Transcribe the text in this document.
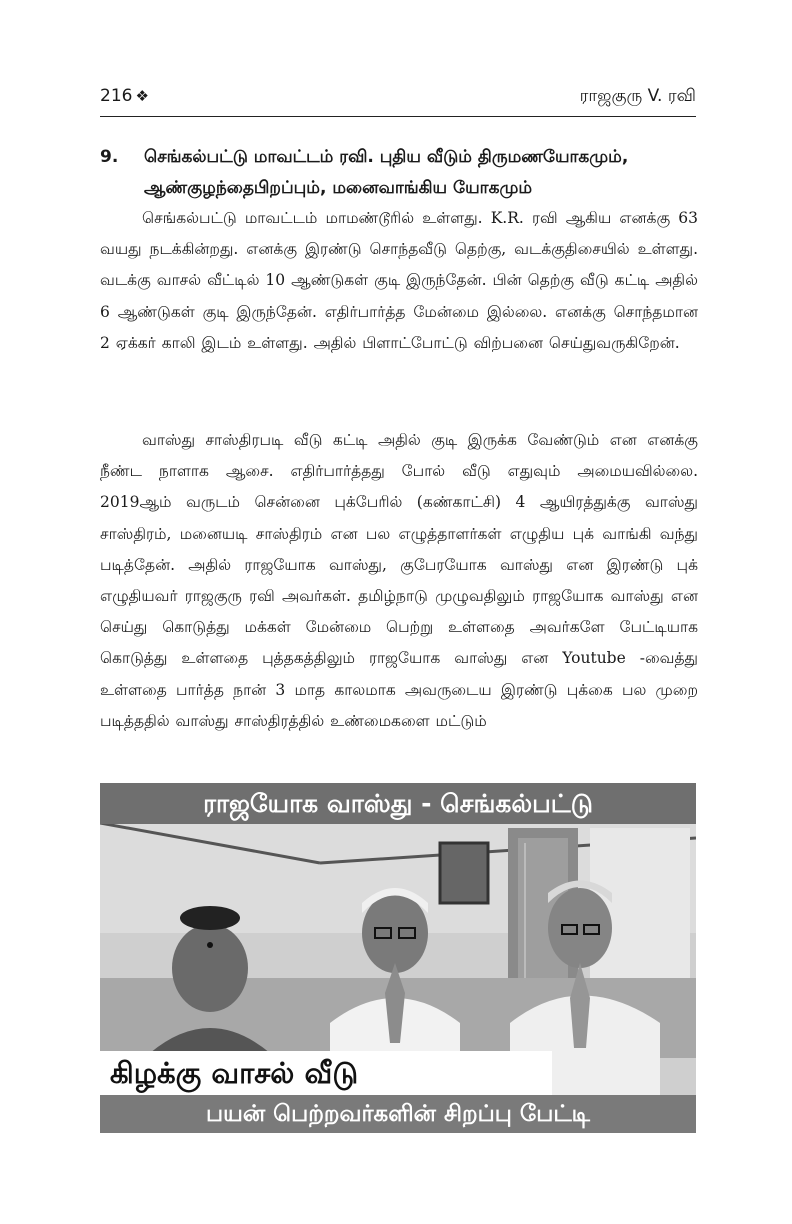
216 ❖	ராஜகுரு V. ரவி
9.	செங்கல்பட்டு மாவட்டம் ரவி. புதிய வீடும் திருமணயோகமும், ஆண்குழந்தைபிறப்பும், மனைவாங்கிய யோகமும்

செங்கல்பட்டு மாவட்டம் மாமண்டூரில் உள்ளது. K.R. ரவி ஆகிய எனக்கு 63 வயது நடக்கின்றது. எனக்கு இரண்டு சொந்தவீடு தெற்கு, வடக்குதிசையில் உள்ளது. வடக்கு வாசல் வீட்டில் 10 ஆண்டுகள் குடி இருந்தேன். பின் தெற்கு வீடு கட்டி அதில் 6 ஆண்டுகள் குடி இருந்தேன். எதிர்பார்த்த மேன்மை இல்லை. எனக்கு சொந்தமான 2 ஏக்கர் காலி இடம் உள்ளது. அதில் பிளாட்போட்டு விற்பனை செய்துவருகிறேன்.

வாஸ்து சாஸ்திரபடி வீடு கட்டி அதில் குடி இருக்க வேண்டும் என எனக்கு நீண்ட நாளாக ஆசை. எதிர்பார்த்தது போல் வீடு எதுவும் அமையவில்லை. 2019ஆம் வருடம் சென்னை புக்பேரில் (கண்காட்சி) 4 ஆயிரத்துக்கு வாஸ்து சாஸ்திரம், மனையடி சாஸ்திரம் என பல எழுத்தாளர்கள் எழுதிய புக் வாங்கி வந்து படித்தேன். அதில் ராஜயோக வாஸ்து, குபேரயோக வாஸ்து என இரண்டு புக் எழுதியவர் ராஜகுரு ரவி அவர்கள். தமிழ்நாடு முழுவதிலும் ராஜயோக வாஸ்து என செய்து கொடுத்து மக்கள் மேன்மை பெற்று உள்ளதை அவர்களே பேட்டியாக கொடுத்து உள்ளதை புத்தகத்திலும் ராஜயோக வாஸ்து என Youtube -வைத்து உள்ளதை பார்த்த நான் 3 மாத காலமாக அவருடைய இரண்டு புக்கை பல முறை படித்ததில் வாஸ்து சாஸ்திரத்தில் உண்மைகளை மட்டும்

ராஜயோக வாஸ்து - செங்கல்பட்டு
கிழக்கு வாசல் வீடு
பயன் பெற்றவர்களின் சிறப்பு பேட்டி
